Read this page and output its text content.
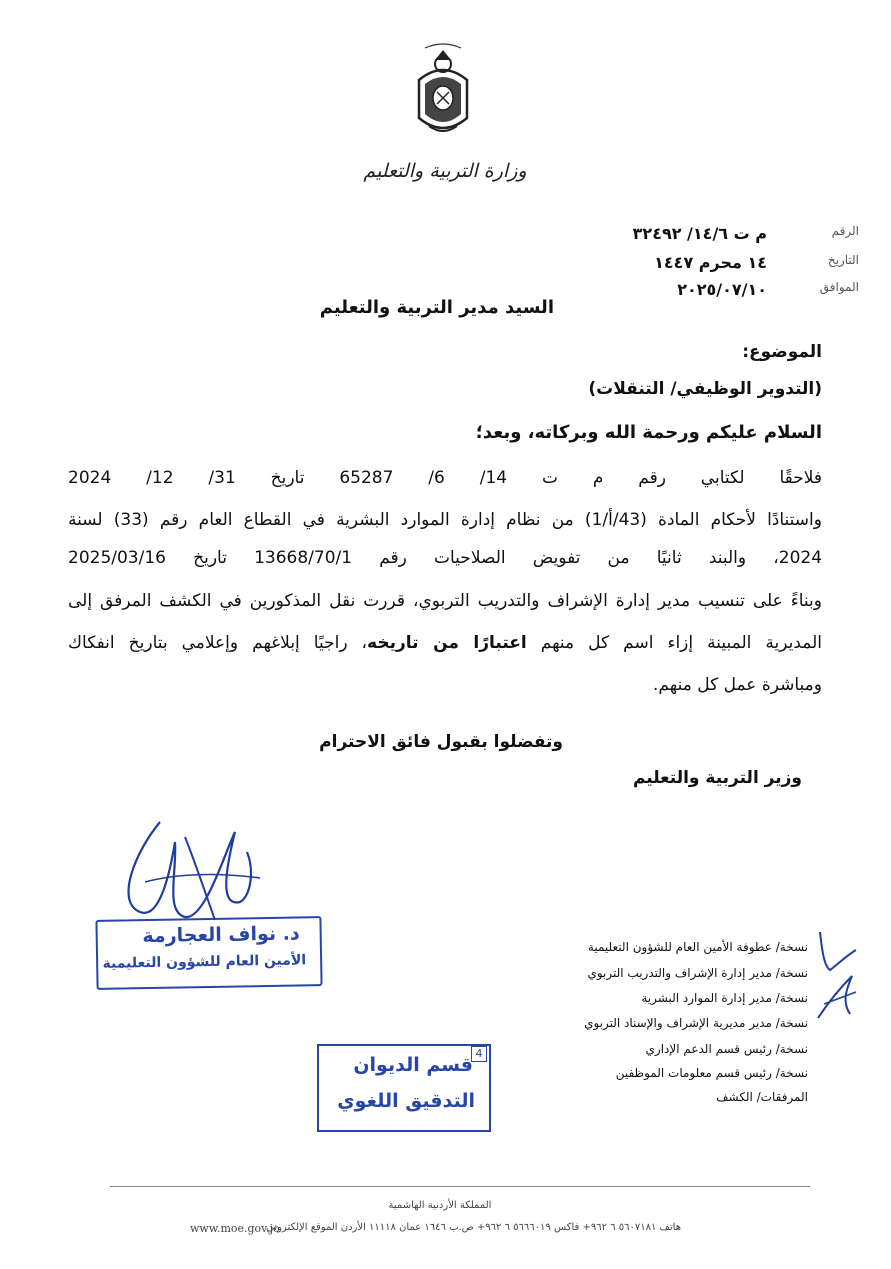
وزارة التربية والتعليم
الرقم
م ت ١٤/٦/ ٣٢٤٩٢
التاريخ
١٤ محرم ١٤٤٧
الموافق
٢٠٢٥/٠٧/١٠
السيد مدير التربية والتعليم
الموضوع:
(التدوير الوظيفي/ التنقلات)
السلام عليكم ورحمة الله وبركاته، وبعد؛
فلاحقًا لكتابي رقم م ت 14/ 6/ 65287 تاريخ 31/ 12/ 2024
واستنادًا لأحكام المادة (43/أ/1) من نظام إدارة الموارد البشرية في القطاع العام رقم (33) لسنة
2024، والبند ثانيًا من تفويض الصلاحيات رقم 13668/70/1 تاريخ 2025/03/16
وبناءً على تنسيب مدير إدارة الإشراف والتدريب التربوي، قررت نقل المذكورين في الكشف المرفق إلى
المديرية المبينة إزاء اسم كل منهم اعتبارًا من تاريخه، راجيًا إبلاغهم وإعلامي بتاريخ انفكاك
ومباشرة عمل كل منهم.
وتفضلوا بقبول فائق الاحترام
وزير التربية والتعليم
د. نواف العجارمة
الأمين العام للشؤون التعليمية
نسخة/ عطوفة الأمين العام للشؤون التعليمية
نسخة/ مدير إدارة الإشراف والتدريب التربوي
نسخة/ مدير إدارة الموارد البشرية
نسخة/ مدير مديرية الإشراف والإسناد التربوي
نسخة/ رئيس قسم الدعم الإداري
نسخة/ رئيس قسم معلومات الموظفين
المرفقات/ الكشف
4
قسم الديوان
التدقيق اللغوي
المملكة الأردنية الهاشمية
هاتف ٥٦٠٧١٨١ ٦ ٩٦٢+ فاكس ٥٦٦٦٠١٩ ٦ ٩٦٢+ ص.ب ١٦٤٦ عمان ١١١١٨ الأردن الموقع الإلكتروني
www.moe.gov.jo
